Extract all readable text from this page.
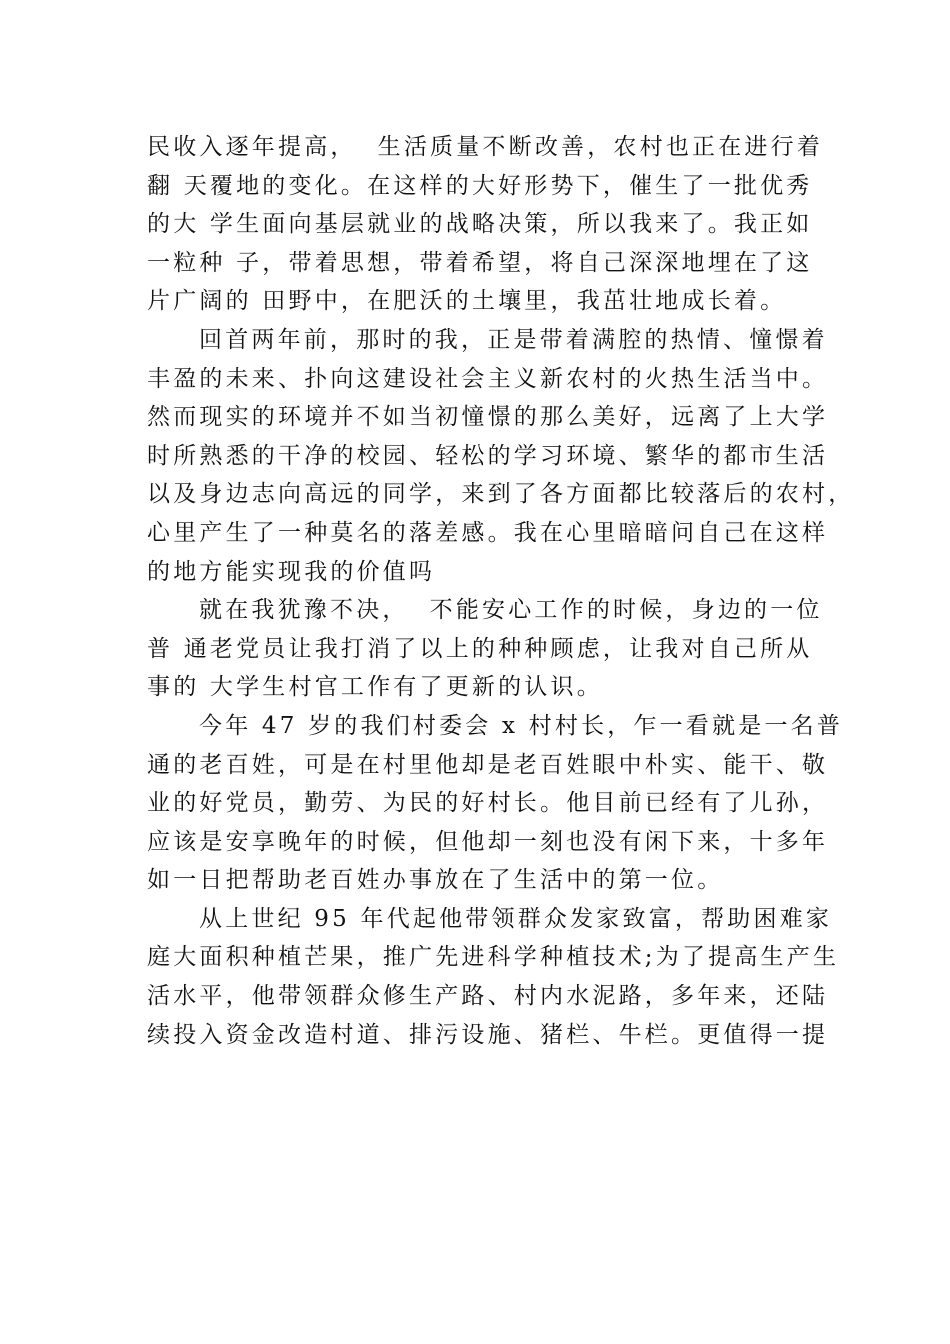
民收入逐年提高，  生活质量不断改善，农村也正在进行着
翻 天覆地的变化。在这样的大好形势下，催生了一批优秀
的大 学生面向基层就业的战略决策，所以我来了。我正如
一粒种 子，带着思想，带着希望，将自己深深地埋在了这
片广阔的 田野中，在肥沃的土壤里，我茁壮地成长着。
回首两年前，那时的我，正是带着满腔的热情、憧憬着
丰盈的未来、扑向这建设社会主义新农村的火热生活当中。
然而现实的环境并不如当初憧憬的那么美好，远离了上大学
时所熟悉的干净的校园、轻松的学习环境、繁华的都市生活
以及身边志向高远的同学，来到了各方面都比较落后的农村，
心里产生了一种莫名的落差感。我在心里暗暗问自己在这样
的地方能实现我的价值吗
就在我犹豫不决，  不能安心工作的时候，身边的一位
普 通老党员让我打消了以上的种种顾虑，让我对自己所从
事的 大学生村官工作有了更新的认识。
今年 47 岁的我们村委会 x 村村长，乍一看就是一名普
通的老百姓，可是在村里他却是老百姓眼中朴实、能干、敬
业的好党员，勤劳、为民的好村长。他目前已经有了儿孙，
应该是安享晚年的时候，但他却一刻也没有闲下来，十多年
如一日把帮助老百姓办事放在了生活中的第一位。
从上世纪 95 年代起他带领群众发家致富，帮助困难家
庭大面积种植芒果，推广先进科学种植技术;为了提高生产生
活水平，他带领群众修生产路、村内水泥路，多年来，还陆
续投入资金改造村道、排污设施、猪栏、牛栏。更值得一提
